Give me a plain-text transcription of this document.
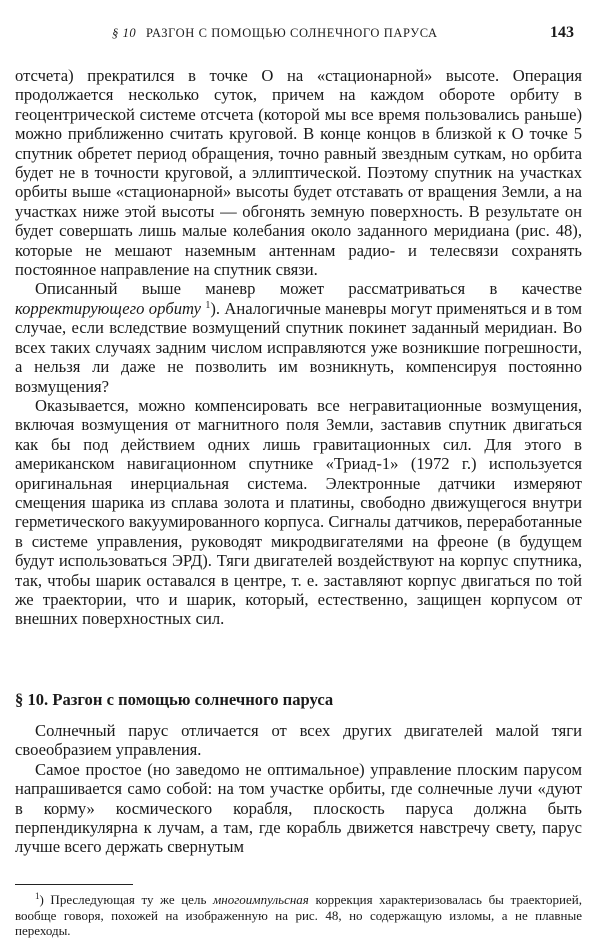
§ 10 РАЗГОН С ПОМОЩЬЮ СОЛНЕЧНОГО ПАРУСА	143

отсчета) прекратился в точке О на «стационарной» высоте. Операция продолжается несколько суток, причем на каждом обороте орбиту в геоцентрической системе отсчета (которой мы все время пользовались раньше) можно приближенно считать круговой. В конце концов в близкой к О точке 5 спутник обретет период обращения, точно равный звездным суткам, но орбита будет не в точности круговой, а эллиптической. Поэтому спутник на участках орбиты выше «стационарной» высоты будет отставать от вращения Земли, а на участках ниже этой высоты — обгонять земную поверхность. В результате он будет совершать лишь малые колебания около заданного меридиана (рис. 48), которые не мешают наземным антеннам радио- и телесвязи сохранять постоянное направление на спутник связи.

Описанный выше маневр может рассматриваться в качестве корректирующего орбиту $^1$). Аналогичные маневры могут применяться и в том случае, если вследствие возмущений спутник покинет заданный меридиан. Во всех таких случаях задним числом исправляются уже возникшие погрешности, а нельзя ли даже не позволить им возникнуть, компенсируя постоянно возмущения?

Оказывается, можно компенсировать все негравитационные возмущения, включая возмущения от магнитного поля Земли, заставив спутник двигаться как бы под действием одних лишь гравитационных сил. Для этого в американском навигационном спутнике «Триад-1» (1972 г.) используется оригинальная инерциальная система. Электронные датчики измеряют смещения шарика из сплава золота и платины, свободно движущегося внутри герметического вакуумированного корпуса. Сигналы датчиков, переработанные в системе управления, руководят микродвигателями на фреоне (в будущем будут использоваться ЭРД). Тяги двигателей воздействуют на корпус спутника, так, чтобы шарик оставался в центре, т. е. заставляют корпус двигаться по той же траектории, что и шарик, который, естественно, защищен корпусом от внешних поверхностных сил.

§ 10. Разгон с помощью солнечного паруса

Солнечный парус отличается от всех других двигателей малой тяги своеобразием управления.

Самое простое (но заведомо не оптимальное) управление плоским парусом напрашивается само собой: на том участке орбиты, где солнечные лучи «дуют в корму» космического корабля, плоскость паруса должна быть перпендикулярна к лучам, а там, где корабль движется навстречу свету, парус лучше всего держать свернутым

$^1$) Преследующая ту же цель многоимпульсная коррекция характеризовалась бы траекторией, вообще говоря, похожей на изображенную на рис. 48, но содержащую изломы, а не плавные переходы.
